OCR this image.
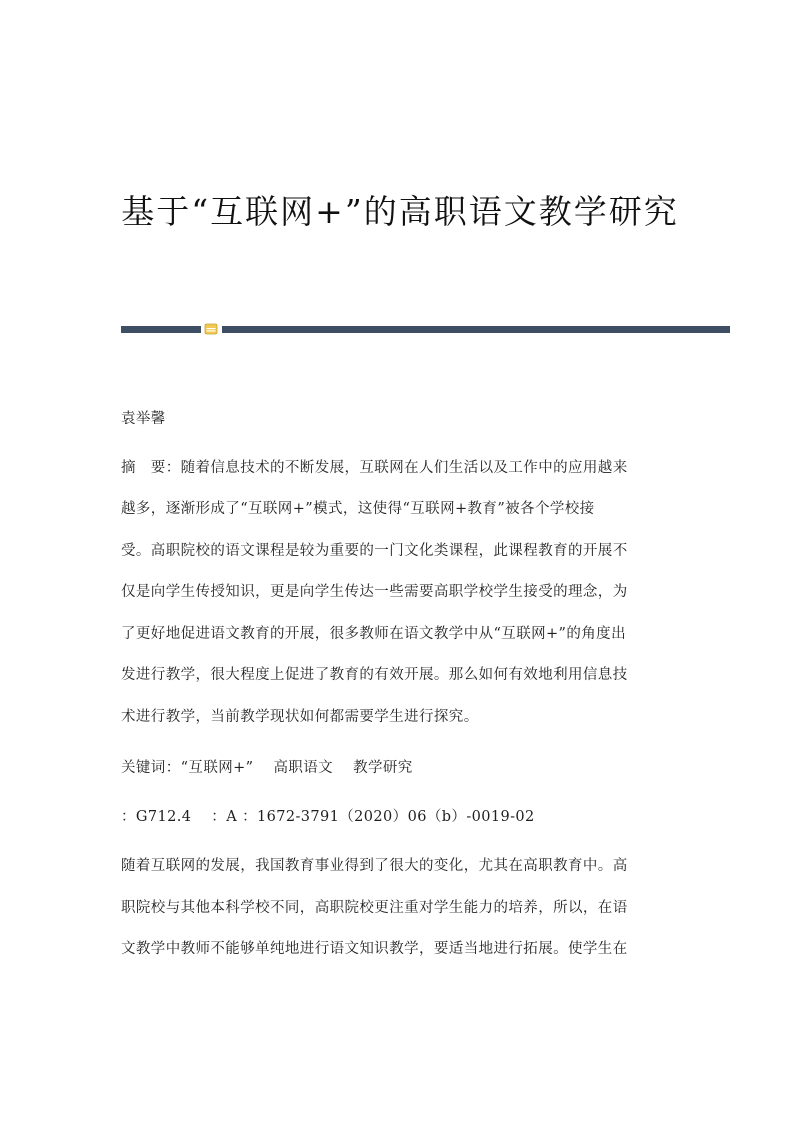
基于“互联网+”的高职语文教学研究
袁举馨
摘　要：随着信息技术的不断发展，互联网在人们生活以及工作中的应用越来
越多，逐渐形成了“互联网+”模式，这使得“互联网+教育”被各个学校接
受。高职院校的语文课程是较为重要的一门文化类课程，此课程教育的开展不
仅是向学生传授知识，更是向学生传达一些需要高职学校学生接受的理念，为
了更好地促进语文教育的开展，很多教师在语文教学中从“互联网+”的角度出
发进行教学，很大程度上促进了教育的有效开展。那么如何有效地利用信息技
术进行教学，当前教学现状如何都需要学生进行探究。
关键词：“互联网+” 高职语文 教学研究
：G712.4　 ：A ：1672-3791（2020）06（b）-0019-02
随着互联网的发展，我国教育事业得到了很大的变化，尤其在高职教育中。高
职院校与其他本科学校不同，高职院校更注重对学生能力的培养，所以，在语
文教学中教师不能够单纯地进行语文知识教学，要适当地进行拓展。使学生在
